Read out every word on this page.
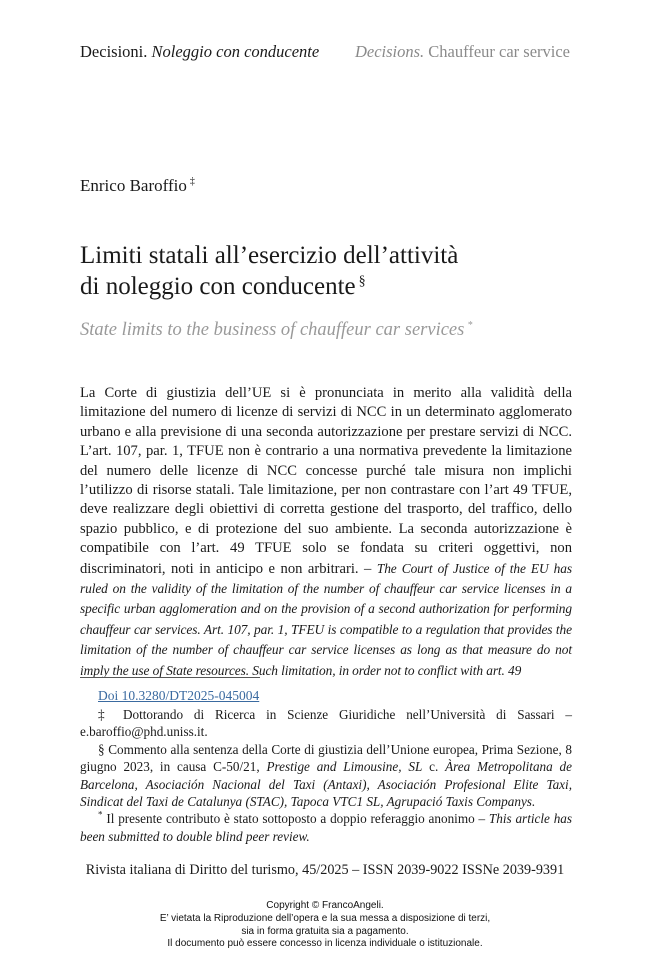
Decisioni. Noleggio con conducente Decisions. Chauffeur car service
Enrico Baroffio ‡
Limiti statali all’esercizio dell’attività
di noleggio con conducente §
State limits to the business of chauffeur car services *
La Corte di giustizia dell’UE si è pronunciata in merito alla validità della limitazione del numero di licenze di servizi di NCC in un determinato agglomerato urbano e alla previsione di una seconda autorizzazione per prestare servizi di NCC. L’art. 107, par. 1, TFUE non è contrario a una normativa prevedente la limitazione del numero delle licenze di NCC concesse purché tale misura non implichi l’utilizzo di risorse statali. Tale limitazione, per non contrastare con l’art 49 TFUE, deve realizzare degli obiettivi di corretta gestione del trasporto, del traffico, dello spazio pubblico, e di protezione del suo ambiente. La seconda autorizzazione è compatibile con l’art. 49 TFUE solo se fondata su criteri oggettivi, non discriminatori, noti in anticipo e non arbitrari. – The Court of Justice of the EU has ruled on the validity of the limitation of the number of chauffeur car service licenses in a specific urban agglomeration and on the provision of a second authorization for performing chauffeur car services. Art. 107, par. 1, TFEU is compatible to a regulation that provides the limitation of the number of chauffeur car service licenses as long as that measure do not imply the use of State resources. Such limitation, in order not to conflict with art. 49
Doi 10.3280/DT2025-045004

‡ Dottorando di Ricerca in Scienze Giuridiche nell’Università di Sassari – e.baroffio@phd.uniss.it.

§ Commento alla sentenza della Corte di giustizia dell’Unione europea, Prima Sezione, 8 giugno 2023, in causa C-50/21, Prestige and Limousine, SL c. Àrea Metropolitana de Barcelona, Asociación Nacional del Taxi (Antaxi), Asociación Profesional Elite Taxi, Sindicat del Taxi de Catalunya (STAC), Tapoca VTC1 SL, Agrupació Taxis Companys.

* Il presente contributo è stato sottoposto a doppio referaggio anonimo – This article has been submitted to double blind peer review.

Rivista italiana di Diritto del turismo, 45/2025 – ISSN 2039-9022 ISSNe 2039-9391
Copyright © FrancoAngeli.
E’ vietata la Riproduzione dell’opera e la sua messa a disposizione di terzi,
sia in forma gratuita sia a pagamento.
Il documento può essere concesso in licenza individuale o istituzionale.
